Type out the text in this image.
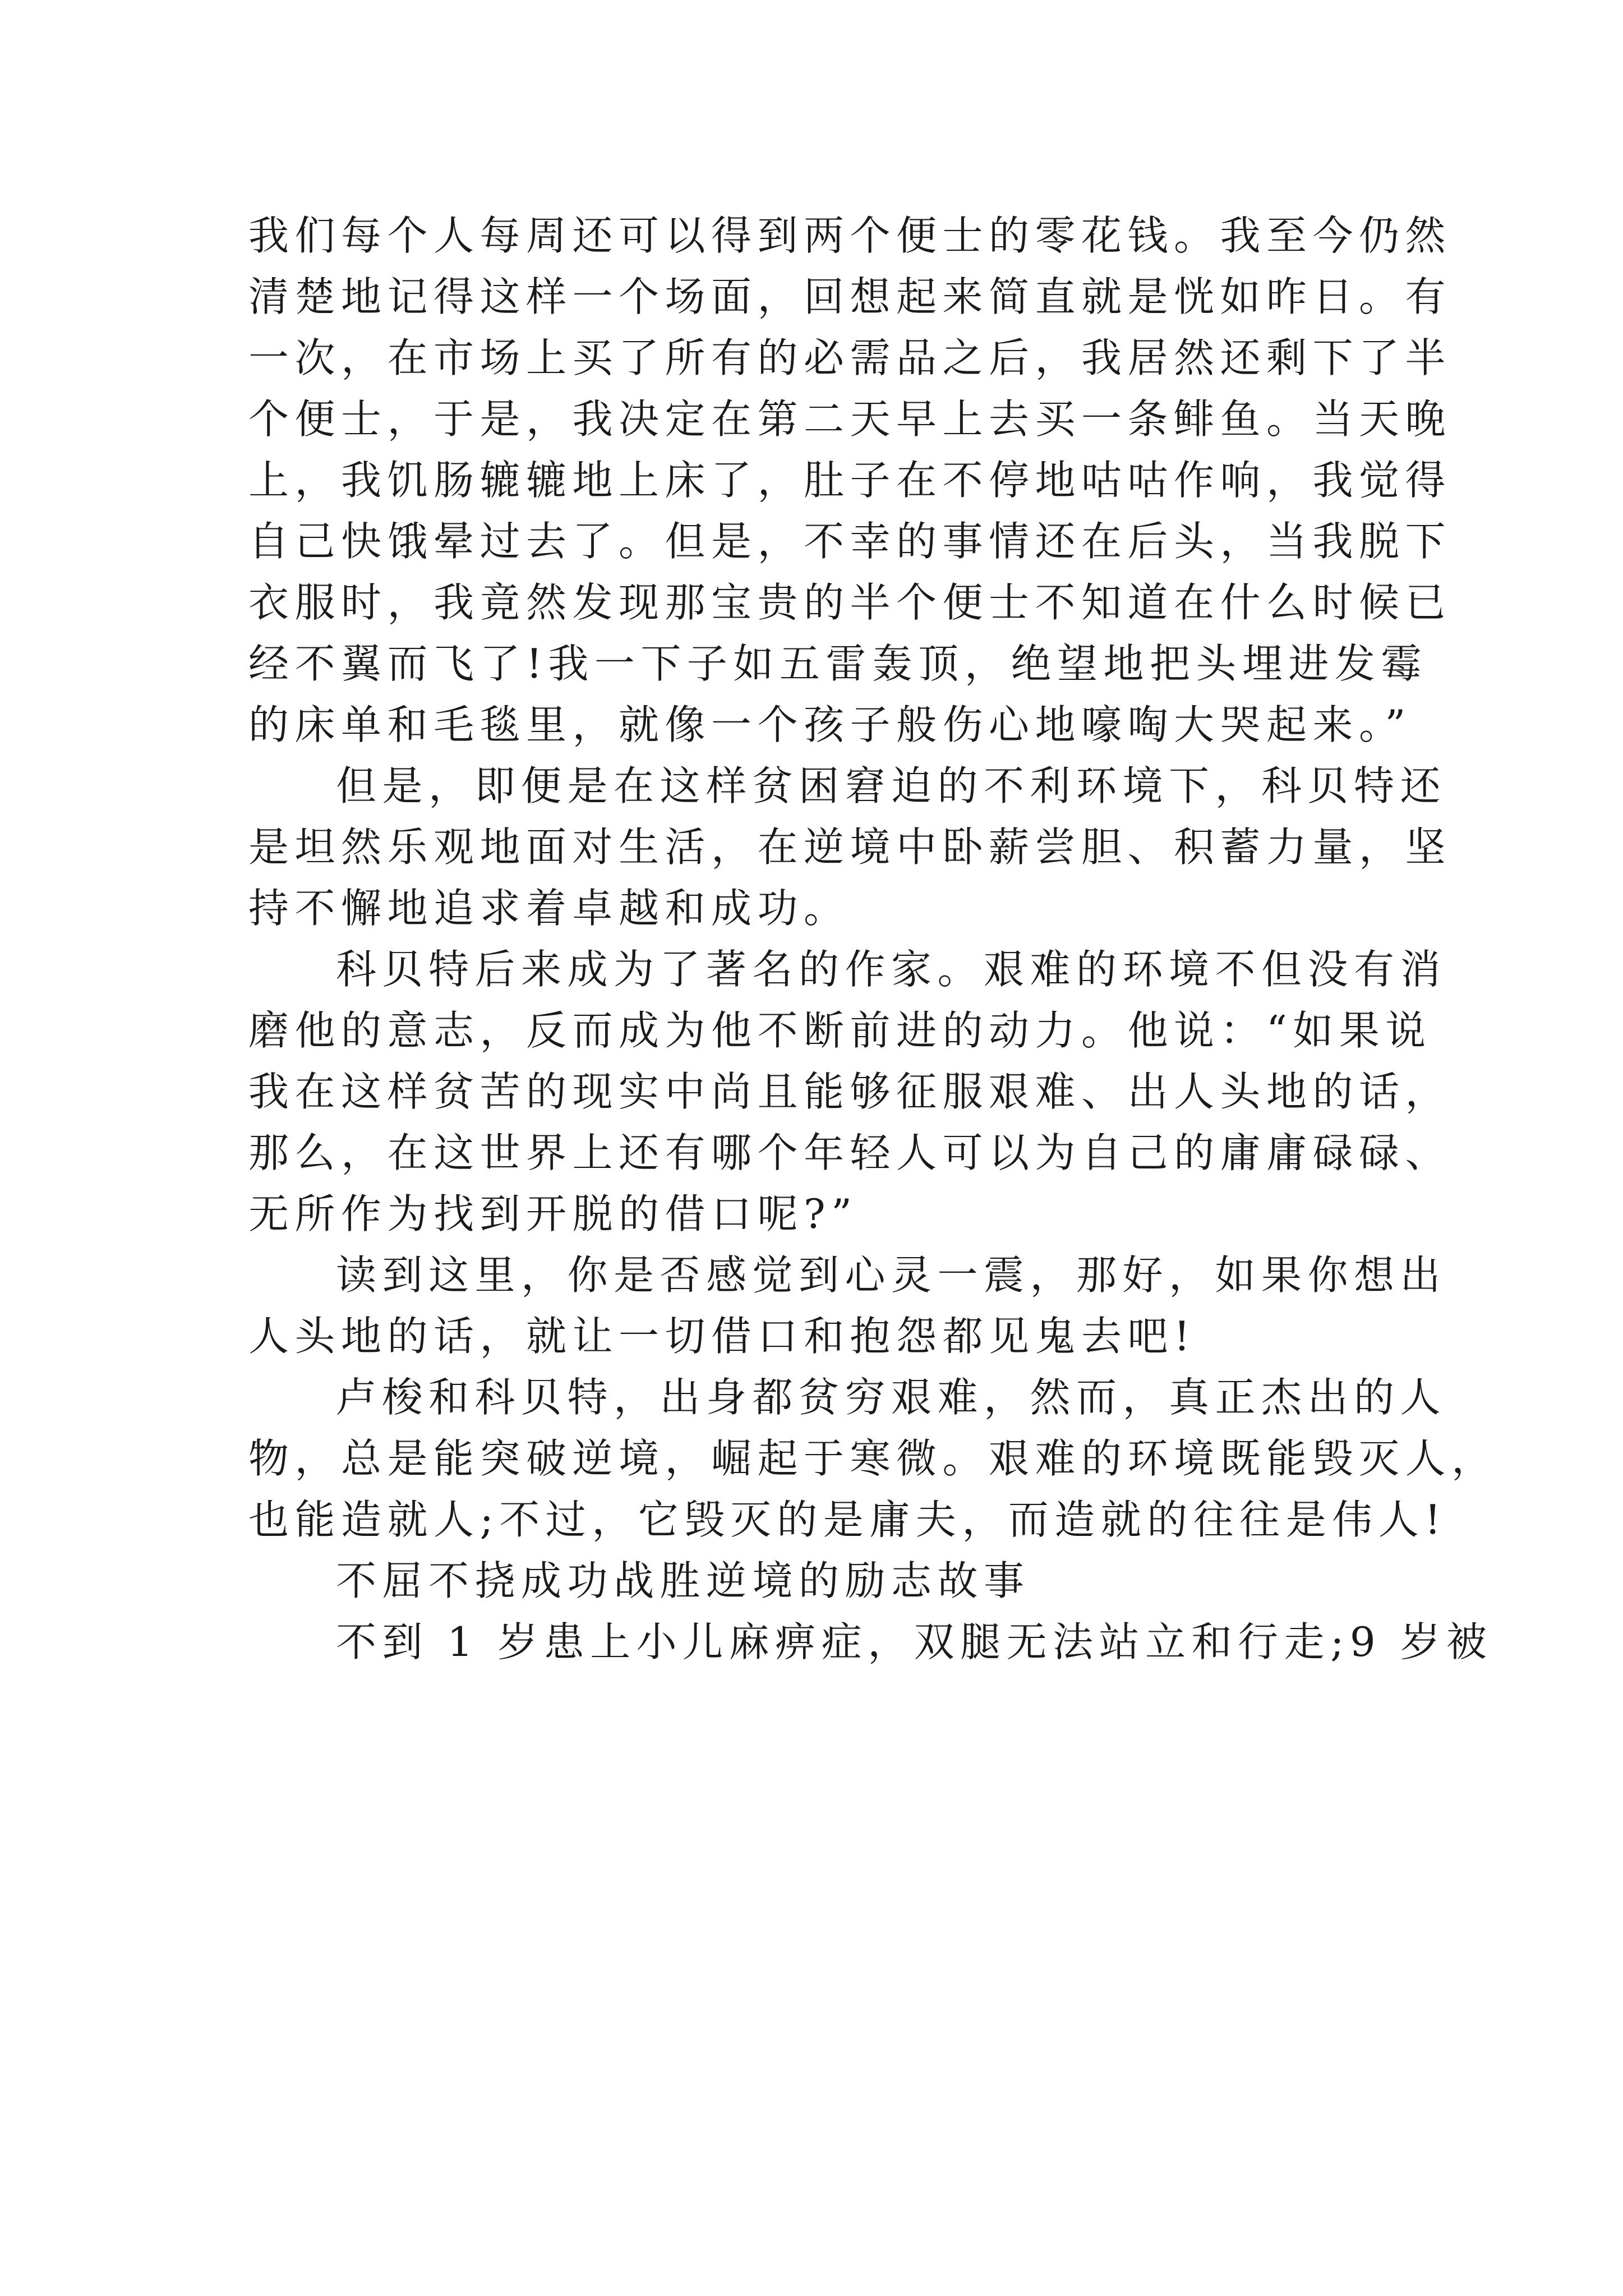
我们每个人每周还可以得到两个便士的零花钱。我至今仍然
清楚地记得这样一个场面，回想起来简直就是恍如昨日。有
一次，在市场上买了所有的必需品之后，我居然还剩下了半
个便士，于是，我决定在第二天早上去买一条鲱鱼。当天晚
上，我饥肠辘辘地上床了，肚子在不停地咕咕作响，我觉得
自己快饿晕过去了。但是，不幸的事情还在后头，当我脱下
衣服时，我竟然发现那宝贵的半个便士不知道在什么时候已
经不翼而飞了!我一下子如五雷轰顶，绝望地把头埋进发霉
的床单和毛毯里，就像一个孩子般伤心地嚎啕大哭起来。”

但是，即便是在这样贫困窘迫的不利环境下，科贝特还
是坦然乐观地面对生活，在逆境中卧薪尝胆、积蓄力量，坚
持不懈地追求着卓越和成功。

科贝特后来成为了著名的作家。艰难的环境不但没有消
磨他的意志，反而成为他不断前进的动力。他说：“如果说
我在这样贫苦的现实中尚且能够征服艰难、出人头地的话，
那么，在这世界上还有哪个年轻人可以为自己的庸庸碌碌、
无所作为找到开脱的借口呢?”

读到这里，你是否感觉到心灵一震，那好，如果你想出
人头地的话，就让一切借口和抱怨都见鬼去吧!

卢梭和科贝特，出身都贫穷艰难，然而，真正杰出的人
物，总是能突破逆境，崛起于寒微。艰难的环境既能毁灭人，
也能造就人;不过，它毁灭的是庸夫，而造就的往往是伟人!

不屈不挠成功战胜逆境的励志故事

不到 1 岁患上小儿麻痹症，双腿无法站立和行走;9 岁被
